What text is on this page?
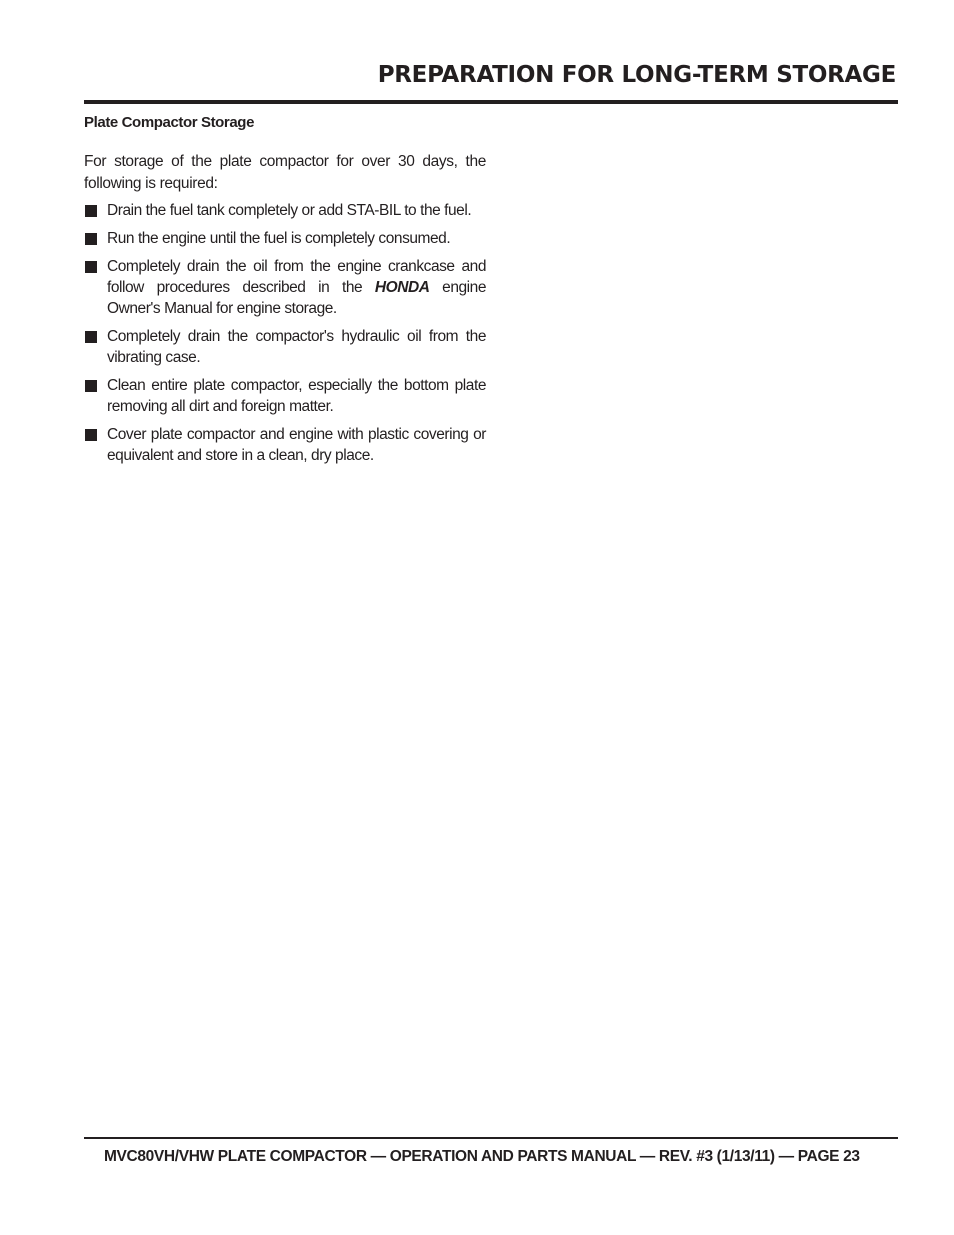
PREPARATION FOR LONG-TERM STORAGE
Plate Compactor Storage

For storage of the plate compactor for over 30 days, the following is required:

Drain the fuel tank completely or add STA-BIL to the fuel.
Run the engine until the fuel is completely consumed.
Completely drain the oil from the engine crankcase and follow procedures described in the HONDA engine Owner's Manual for engine storage.
Completely drain the compactor's hydraulic oil from the vibrating case.
Clean entire plate compactor, especially the bottom plate removing all dirt and foreign matter.
Cover plate compactor and engine with plastic covering or equivalent and store in a clean, dry place.

MVC80VH/VHW PLATE COMPACTOR — OPERATION AND PARTS MANUAL — REV. #3 (1/13/11) — PAGE 23
